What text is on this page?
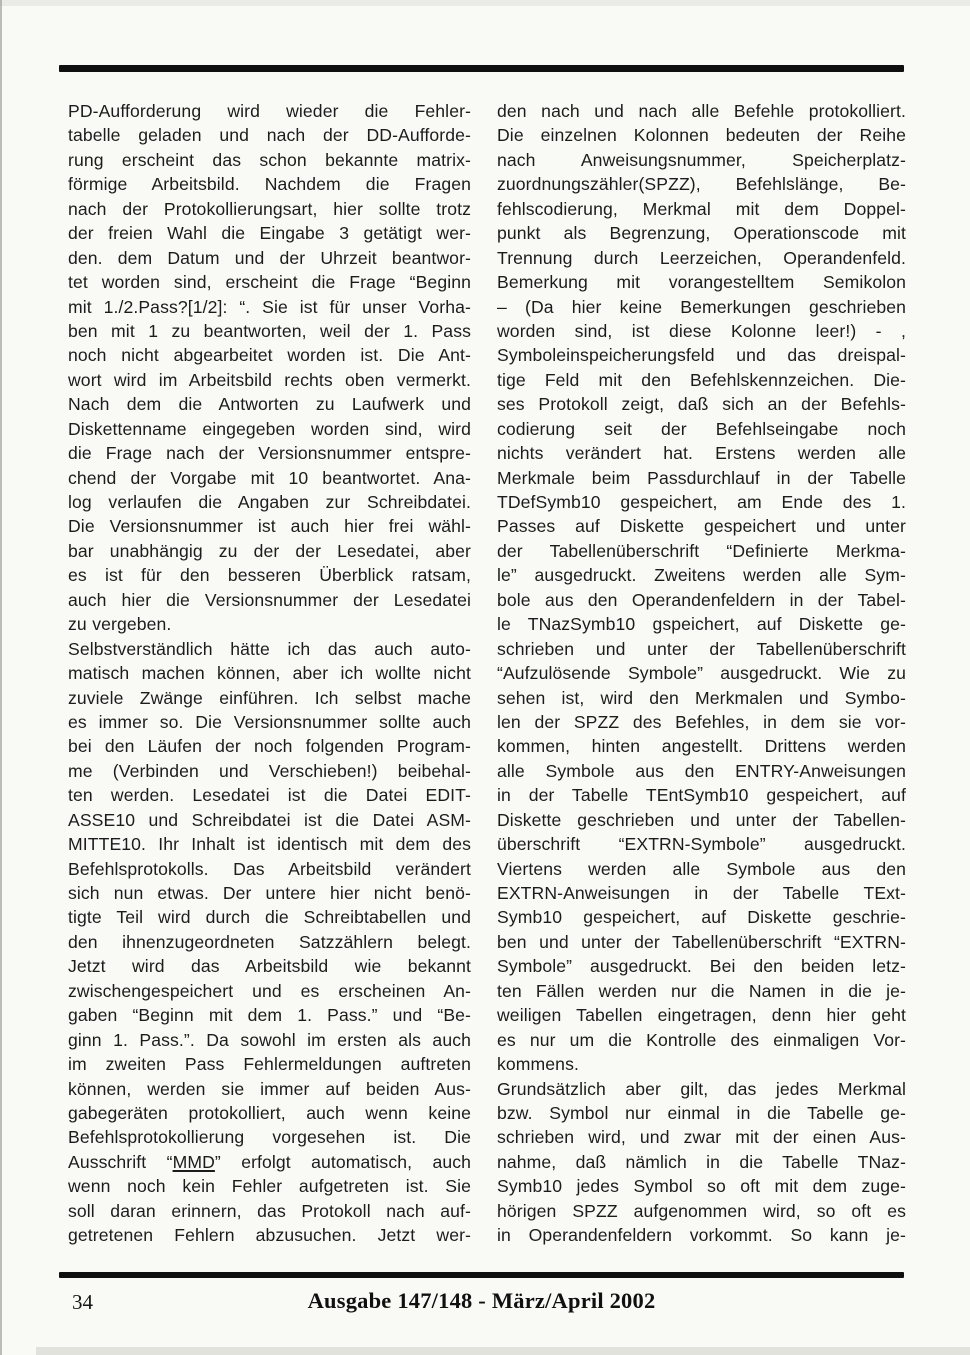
PD-Aufforderung wird wieder die Fehler-
tabelle geladen und nach der DD-Aufforde-
rung erscheint das schon bekannte matrix-
förmige Arbeitsbild. Nachdem die Fragen
nach der Protokollierungsart, hier sollte trotz
der freien Wahl die Eingabe 3 getätigt wer-
den. dem Datum und der Uhrzeit beantwor-
tet worden sind, erscheint die Frage “Beginn
mit 1./2.Pass?[1/2]: “. Sie ist für unser Vorha-
ben mit 1 zu beantworten, weil der 1. Pass
noch nicht abgearbeitet worden ist. Die Ant-
wort wird im Arbeitsbild rechts oben vermerkt.
Nach dem die Antworten zu Laufwerk und
Diskettenname eingegeben worden sind, wird
die Frage nach der Versionsnummer entspre-
chend der Vorgabe mit 10 beantwortet. Ana-
log verlaufen die Angaben zur Schreibdatei.
Die Versionsnummer ist auch hier frei wähl-
bar unabhängig zu der der Lesedatei, aber
es ist für den besseren Überblick ratsam,
auch hier die Versionsnummer der Lesedatei
zu vergeben.
Selbstverständlich hätte ich das auch auto-
matisch machen können, aber ich wollte nicht
zuviele Zwänge einführen. Ich selbst mache
es immer so. Die Versionsnummer sollte auch
bei den Läufen der noch folgenden Program-
me (Verbinden und Verschieben!) beibehal-
ten werden. Lesedatei ist die Datei EDIT-
ASSE10 und Schreibdatei ist die Datei ASM-
MITTE10. Ihr Inhalt ist identisch mit dem des
Befehlsprotokolls. Das Arbeitsbild verändert
sich nun etwas. Der untere hier nicht benö-
tigte Teil wird durch die Schreibtabellen und
den ihnenzugeordneten Satzzählern belegt.
Jetzt wird das Arbeitsbild wie bekannt
zwischengespeichert und es erscheinen An-
gaben “Beginn mit dem 1. Pass.” und “Be-
ginn 1. Pass.”. Da sowohl im ersten als auch
im zweiten Pass Fehlermeldungen auftreten
können, werden sie immer auf beiden Aus-
gabegeräten protokolliert, auch wenn keine
Befehlsprotokollierung vorgesehen ist. Die
Ausschrift “MMD” erfolgt automatisch, auch
wenn noch kein Fehler aufgetreten ist. Sie
soll daran erinnern, das Protokoll nach auf-
getretenen Fehlern abzusuchen. Jetzt wer-
den nach und nach alle Befehle protokolliert.
Die einzelnen Kolonnen bedeuten der Reihe
nach Anweisungsnummer, Speicherplatz-
zuordnungszähler(SPZZ), Befehlslänge, Be-
fehlscodierung, Merkmal mit dem Doppel-
punkt als Begrenzung, Operationscode mit
Trennung durch Leerzeichen, Operandenfeld.
Bemerkung mit vorangestelltem Semikolon
– (Da hier keine Bemerkungen geschrieben
worden sind, ist diese Kolonne leer!) - ,
Symboleinspeicherungsfeld und das dreispal-
tige Feld mit den Befehlskennzeichen. Die-
ses Protokoll zeigt, daß sich an der Befehls-
codierung seit der Befehlseingabe noch
nichts verändert hat. Erstens werden alle
Merkmale beim Passdurchlauf in der Tabelle
TDefSymb10 gespeichert, am Ende des 1.
Passes auf Diskette gespeichert und unter
der Tabellenüberschrift “Definierte Merkma-
le” ausgedruckt. Zweitens werden alle Sym-
bole aus den Operandenfeldern in der Tabel-
le TNazSymb10 gspeichert, auf Diskette ge-
schrieben und unter der Tabellenüberschrift
“Aufzulösende Symbole” ausgedruckt. Wie zu
sehen ist, wird den Merkmalen und Symbo-
len der SPZZ des Befehles, in dem sie vor-
kommen, hinten angestellt. Drittens werden
alle Symbole aus den ENTRY-Anweisungen
in der Tabelle TEntSymb10 gespeichert, auf
Diskette geschrieben und unter der Tabellen-
überschrift “EXTRN-Symbole” ausgedruckt.
Viertens werden alle Symbole aus den
EXTRN-Anweisungen in der Tabelle TExt-
Symb10 gespeichert, auf Diskette geschrie-
ben und unter der Tabellenüberschrift “EXTRN-
Symbole” ausgedruckt. Bei den beiden letz-
ten Fällen werden nur die Namen in die je-
weiligen Tabellen eingetragen, denn hier geht
es nur um die Kontrolle des einmaligen Vor-
kommens.
Grundsätzlich aber gilt, das jedes Merkmal
bzw. Symbol nur einmal in die Tabelle ge-
schrieben wird, und zwar mit der einen Aus-
nahme, daß nämlich in die Tabelle TNaz-
Symb10 jedes Symbol so oft mit dem zuge-
hörigen SPZZ aufgenommen wird, so oft es
in Operandenfeldern vorkommt. So kann je-
34	Ausgabe 147/148 - März/April 2002
